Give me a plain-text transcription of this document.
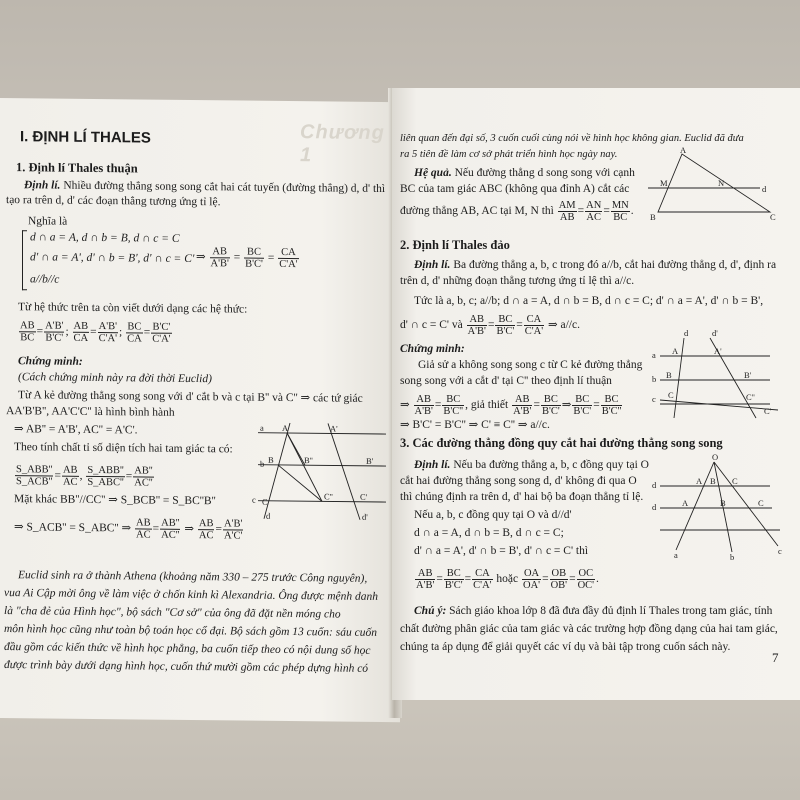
I. ĐỊNH LÍ THALES	Chương 1
1. Định lí Thales thuận
Định lí. Nhiều đường thẳng song song cắt hai cát tuyến (đường thẳng) d, d' thì
tạo ra trên d, d' các đoạn thẳng tương ứng tỉ lệ.
Nghĩa là
d ∩ a = A, d ∩ b = B, d ∩ c = C
d' ∩ a = A', d' ∩ b = B', d' ∩ c = C'
a//b//c
⇒ $\frac{AB}{A'B'} = \frac{BC}{B'C'} = \frac{CA}{C'A'}$
Từ hệ thức trên ta còn viết dưới dạng các hệ thức:
$\frac{AB}{BC} = \frac{A'B'}{B'C'}$ ; $\frac{AB}{CA} = \frac{A'B'}{C'A'}$ ; $\frac{BC}{CA} = \frac{B'C'}{C'A'}$
Chứng minh:
(Cách chứng minh này ra đời thời Euclid)
Từ A kẻ đường thẳng song song với d' cắt b và c tại B'' và C'' ⇒ các tứ giác
AA'B'B'', AA'C'C'' là hình bình hành
⇒ AB'' = A'B', AC'' = A'C'.
Theo tính chất tỉ số diện tích hai tam giác ta có:
$\frac{\text{S\_ABB''}}{\text{S\_ACB''}} = \frac{AB}{AC}$ , $\frac{\text{S\_ABB''}}{\text{S\_ABC''}} = \frac{AB''}{AC''}$
Mặt khác BB''//CC'' ⇒ S_BCB'' = S_BC''B''
⇒ S_ACB'' = S_ABC'' ⇒ $\frac{AB}{AC} = \frac{AB''}{AC''}$ ⇒ $\frac{AB}{AC} = \frac{A'B'}{A'C'}$
A	A'
B	B''	B'
C
C''	C'
a
b
c
d	d'
Euclid sinh ra ở thành Athena (khoảng năm 330 – 275 trước Công nguyên),
vua Ai Cập mời ông về làm việc ở chốn kinh kì Alexandria. Ông được mệnh danh
là "cha đẻ của Hình học", bộ sách "Cơ sở" của ông đã đặt nền móng cho
môn hình học cũng như toàn bộ toán học cổ đại. Bộ sách gồm 13 cuốn: sáu cuốn
đầu gồm các kiến thức về hình học phẳng, ba cuốn tiếp theo có nội dung số học
được trình bày dưới dạng hình học, cuốn thứ mười gồm các phép dựng hình có
liên quan đến đại số, 3 cuốn cuối cùng nói về hình học không gian. Euclid đã đưa
ra 5 tiên đề làm cơ sở phát triển hình học ngày nay.
Hệ quả. Nếu đường thẳng d song song với cạnh
BC của tam giác ABC (không qua đỉnh A) cắt các
đường thẳng AB, AC tại M, N thì $\frac{AM}{AB} = \frac{AN}{AC} = \frac{MN}{BC}$ .
A
M	N
B	C
d
2. Định lí Thales đảo
Định lí. Ba đường thẳng a, b, c trong đó a//b, cắt hai đường thẳng d, d', định ra
trên d, d' những đoạn thẳng tương ứng tỉ lệ thì a//c.
Tức là a, b, c; a//b; d ∩ a = A, d ∩ b = B, d ∩ c = C; d' ∩ a = A', d' ∩ b = B',
d' ∩ c = C' và $\frac{AB}{A'B'} = \frac{BC}{B'C'} = \frac{CA}{C'A'}$ ⇒ a//c.
Chứng minh:
Giả sử a không song song c từ C kẻ đường thẳng
song song với a cắt d' tại C'' theo định lí thuận
⇒ $\frac{AB}{A'B'} = \frac{BC}{B'C''}$ , giả thiết $\frac{AB}{A'B'} = \frac{BC}{B'C'}$ ⇒ $\frac{BC}{B'C'} = \frac{BC}{B'C''}$
⇒ B'C' = B'C'' ⇒ C' ≡ C'' ⇒ a//c.
A	A'
B	B'
C	C''
C'
a
b
c
d	d'
3. Các đường thẳng đồng quy cắt hai đường thẳng song song
Định lí. Nếu ba đường thẳng a, b, c đồng quy tại O
cắt hai đường thẳng song song d, d' không đi qua O
thì chúng định ra trên d, d' hai bộ ba đoạn thẳng tỉ lệ.
Nếu a, b, c đồng quy tại O và d//d'
d ∩ a = A, d ∩ b = B, d ∩ c = C;
d' ∩ a = A', d' ∩ b = B', d' ∩ c = C' thì
$\frac{AB}{A'B'} = \frac{BC}{B'C'} = \frac{CA}{C'A'}$ hoặc $\frac{OA}{OA'} = \frac{OB}{OB'} = \frac{OC}{OC'}$ .
O
A B C
A	B	C
d
d
a	b
c
Chú ý: Sách giáo khoa lớp 8 đã đưa đầy đủ định lí Thales trong tam giác, tính
chất đường phân giác của tam giác và các trường hợp đồng dạng của hai tam giác,
chúng ta áp dụng để giải quyết các ví dụ và bài tập trong cuốn sách này.
7
